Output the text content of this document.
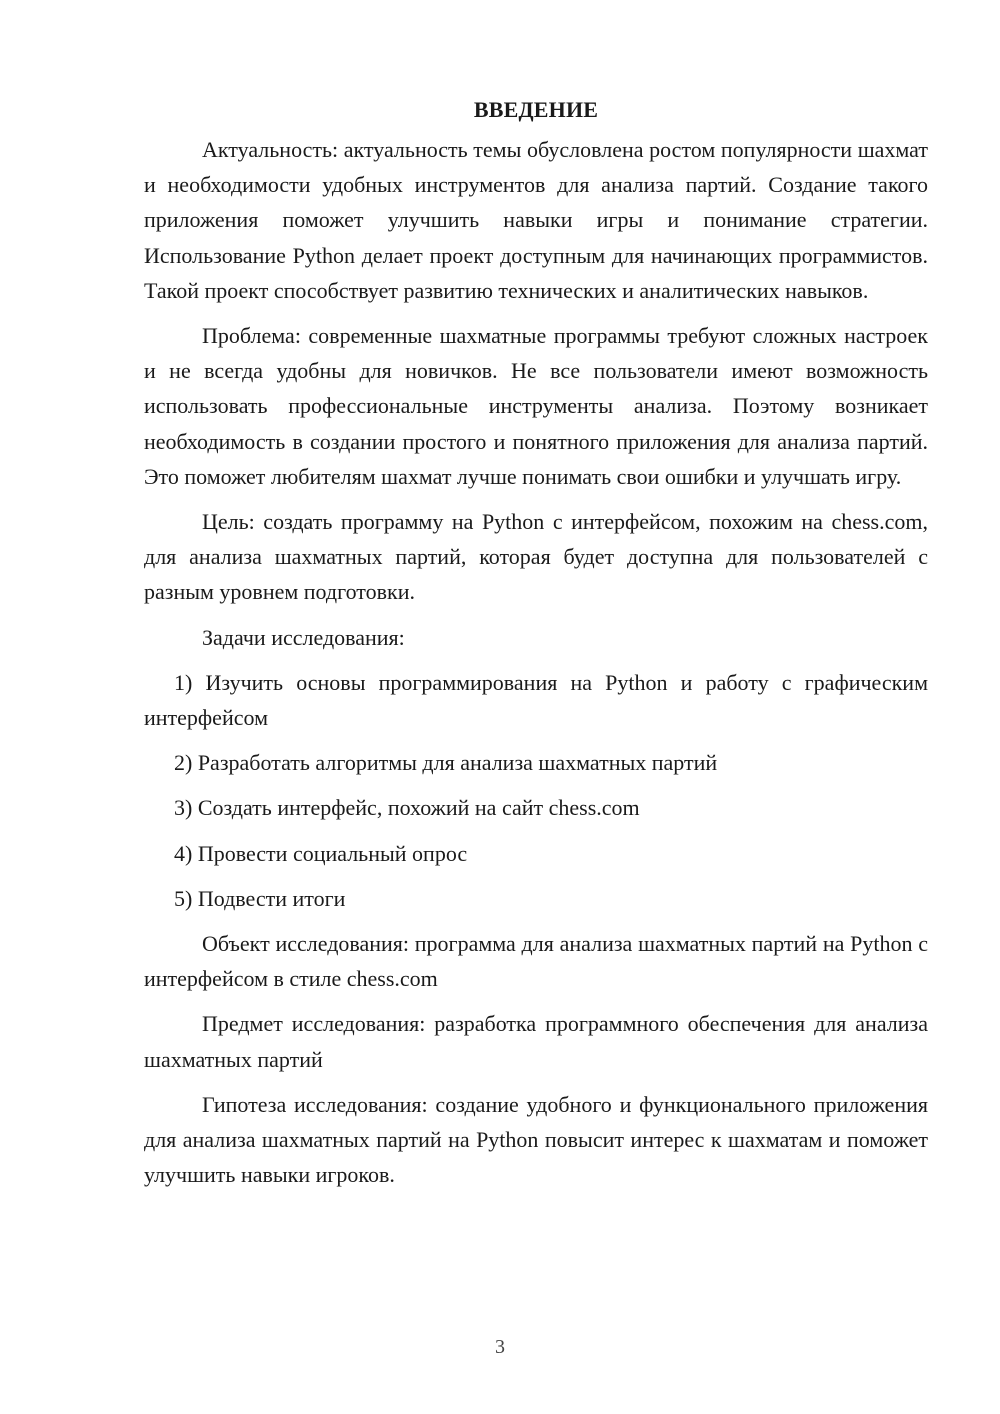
ВВЕДЕНИЕ

Актуальность: актуальность темы обусловлена ростом популярности шахмат и необходимости удобных инструментов для анализа партий. Создание такого приложения поможет улучшить навыки игры и понимание стратегии. Использование Python делает проект доступным для начинающих программистов. Такой проект способствует развитию технических и аналитических навыков.

Проблема: современные шахматные программы требуют сложных настроек и не всегда удобны для новичков. Не все пользователи имеют возможность использовать профессиональные инструменты анализа. Поэтому возникает необходимость в создании простого и понятного приложения для анализа партий. Это поможет любителям шахмат лучше понимать свои ошибки и улучшать игру.

Цель: создать программу на Python с интерфейсом, похожим на chess.com, для анализа шахматных партий, которая будет доступна для пользователей с разным уровнем подготовки.

Задачи исследования:

1) Изучить основы программирования на Python и работу с графическим интерфейсом

2) Разработать алгоритмы для анализа шахматных партий

3) Создать интерфейс, похожий на сайт chess.com

4) Провести социальный опрос

5) Подвести итоги

Объект исследования: программа для анализа шахматных партий на Python с интерфейсом в стиле chess.com

Предмет исследования: разработка программного обеспечения для анализа шахматных партий

Гипотеза исследования: создание удобного и функционального приложения для анализа шахматных партий на Python повысит интерес к шахматам и поможет улучшить навыки игроков.

3
